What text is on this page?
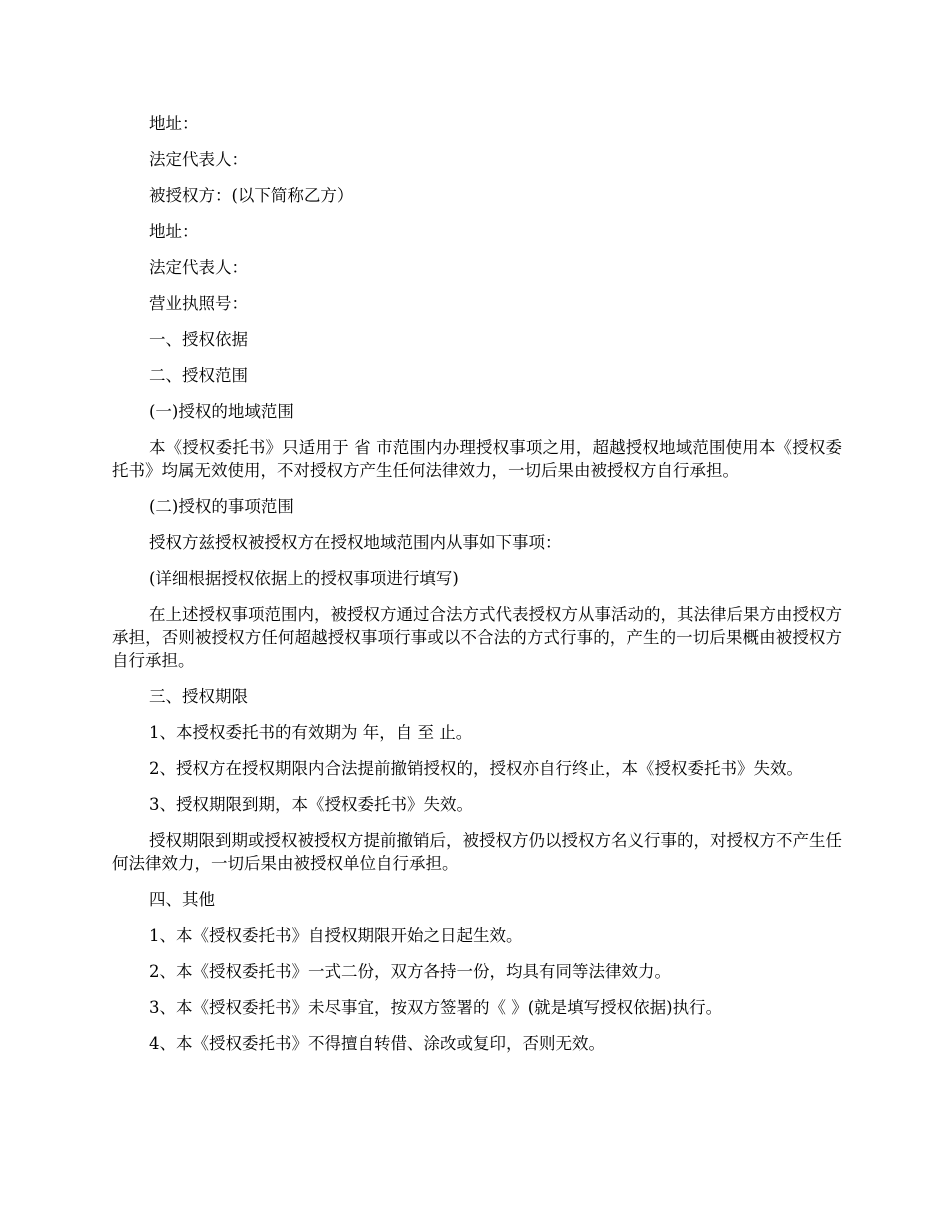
地址：

法定代表人：

被授权方：(以下简称乙方）

地址：

法定代表人：

营业执照号：

一、授权依据

二、授权范围

(一)授权的地域范围

本《授权委托书》只适用于 省 市范围内办理授权事项之用，超越授权地域范围使用本《授权委托书》均属无效使用，不对授权方产生任何法律效力，一切后果由被授权方自行承担。

(二)授权的事项范围

授权方兹授权被授权方在授权地域范围内从事如下事项：

(详细根据授权依据上的授权事项进行填写)

在上述授权事项范围内，被授权方通过合法方式代表授权方从事活动的，其法律后果方由授权方承担，否则被授权方任何超越授权事项行事或以不合法的方式行事的，产生的一切后果概由被授权方自行承担。

三、授权期限

1、本授权委托书的有效期为 年，自 至 止。

2、授权方在授权期限内合法提前撤销授权的，授权亦自行终止，本《授权委托书》失效。

3、授权期限到期，本《授权委托书》失效。

授权期限到期或授权被授权方提前撤销后，被授权方仍以授权方名义行事的，对授权方不产生任何法律效力，一切后果由被授权单位自行承担。

四、其他

1、本《授权委托书》自授权期限开始之日起生效。

2、本《授权委托书》一式二份，双方各持一份，均具有同等法律效力。

3、本《授权委托书》未尽事宜，按双方签署的《 》(就是填写授权依据)执行。

4、本《授权委托书》不得擅自转借、涂改或复印，否则无效。
